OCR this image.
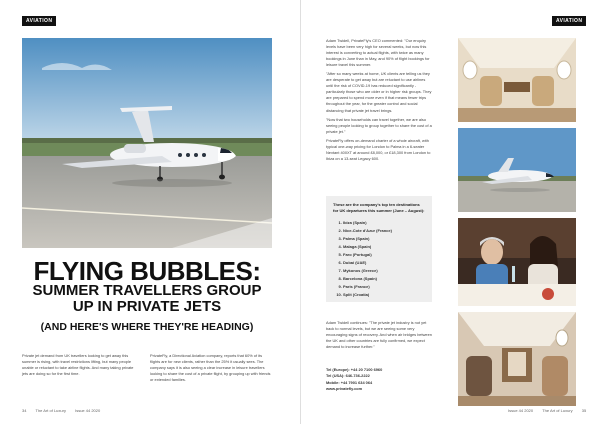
AVIATION
FLYING BUBBLES:
SUMMER TRAVELLERS GROUP UP IN PRIVATE JETS
(AND HERE'S WHERE THEY'RE HEADING)
Private jet demand from UK travellers looking to get away this summer is rising, with travel restrictions lifting, but many people unable or reluctant to take airline flights. And many taking private jets are doing so for the first time.
PrivateFly, a Directional Aviation company, reports that 60% of its flights are for new clients, rather than the 25% it usually sees. The company says it is also seeing a clear increase in leisure travellers looking to share the cost of a private flight, by grouping up with friends or extended families.
34 The Art of Luxury Issue 44 2020
AVIATION

Adam Twidell, PrivateFly's CEO commented: "Our enquiry levels have been very high for several weeks, but now this interest is converting to actual flights, with twice as many bookings in June than in May, and 90% of flight bookings for leisure travel this summer.

"After so many weeks at home, UK clients are telling us they are desperate to get away but are reluctant to use airlines until the risk of COVID-19 has reduced significantly - particularly those who are older or in higher risk groups. They are prepared to spend more even if that means fewer trips throughout the year, for the greater control and social distancing that private jet travel brings.

"Now that two households can travel together, we are also seeing people looking to group together to share the cost of a private jet."

PrivateFly offers on-demand charter of a whole aircraft, with typical one-way pricing for London to Palma in a 6-seater Nextant 400XT at around £8,000, or £18,300 from London to Ibiza on a 13-seat Legacy 600.

These are the company's top ten destinations for UK departures this summer (June – August):

1. Ibiza (Spain)
2. Nice-Cote d'Azur (France)
3. Palma (Spain)
4. Malaga (Spain)
5. Faro (Portugal)
6. Dubai (UAE)
7. Mykonos (Greece)
8. Barcelona (Spain)
9. Paris (France)
10. Split (Croatia)
Adam Twidell continues: "The private jet industry is not yet back to normal levels, but we are seeing some very encouraging signs of recovery. And when air bridges between the UK and other countries are fully confirmed, we expect demand to increase further."
Tel (Europe): +44 20 7100 6960
Tel (USA): 646-736-2222
Mobile: +44 7901 634 064
www.privatefly.com
Issue 44 2020 The Art of Luxury 35
